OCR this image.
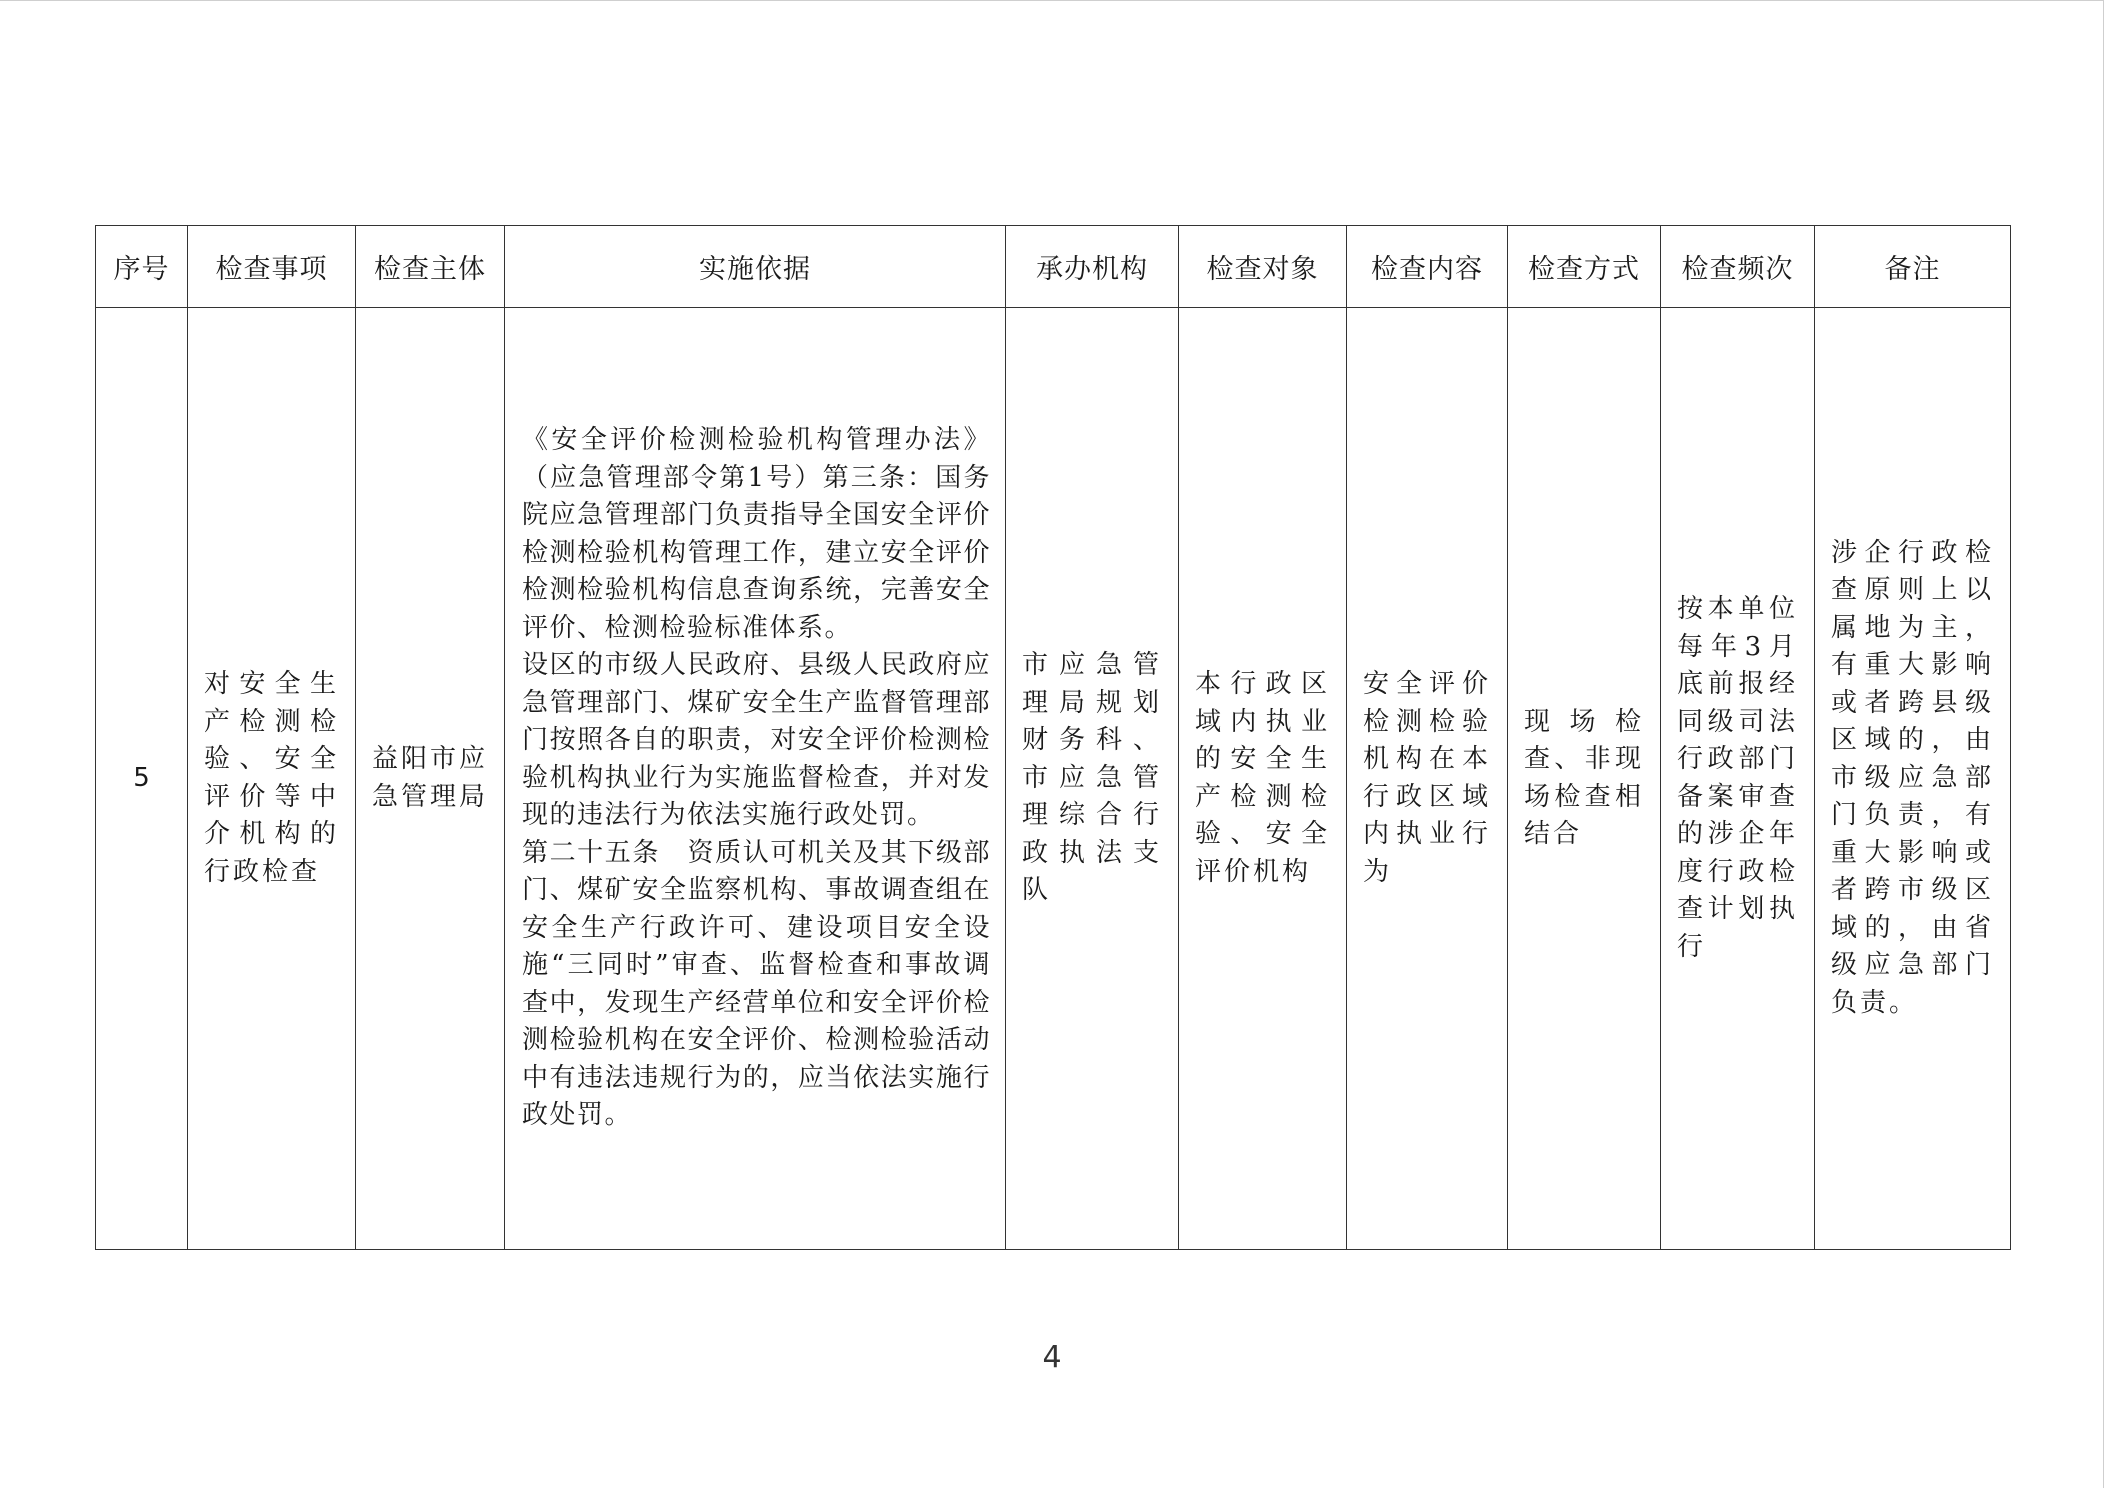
序号	检查事项	检查主体	实施依据	承办机构	检查对象	检查内容	检查方式	检查频次	备注

5	对安全生产检测检验、安全评价等中介机构的行政检查	益阳市应急管理局	《安全评价检测检验机构管理办法》（应急管理部令第1号）第三条：国务院应急管理部门负责指导全国安全评价检测检验机构管理工作，建立安全评价检测检验机构信息查询系统，完善安全评价、检测检验标准体系。
设区的市级人民政府、县级人民政府应急管理部门、煤矿安全生产监督管理部门按照各自的职责，对安全评价检测检验机构执业行为实施监督检查，并对发现的违法行为依法实施行政处罚。
第二十五条　资质认可机关及其下级部门、煤矿安全监察机构、事故调查组在安全生产行政许可、建设项目安全设施“三同时”审查、监督检查和事故调查中，发现生产经营单位和安全评价检测检验机构在安全评价、检测检验活动中有违法违规行为的，应当依法实施行政处罚。	市应急管理局规划财务科、市应急管理综合行政执法支队	本行政区域内执业的安全生产检测检验、安全评价机构	安全评价检测检验机构在本行政区域内执业行为	现场检查、非现场检查相结合	按本单位每年3月底前报经同级司法行政部门备案审查的涉企年度行政检查计划执行	涉企行政检查原则上以属地为主，有重大影响或者跨县级区域的，由市级应急部门负责，有重大影响或者跨市级区域的，由省级应急部门负责。
4
